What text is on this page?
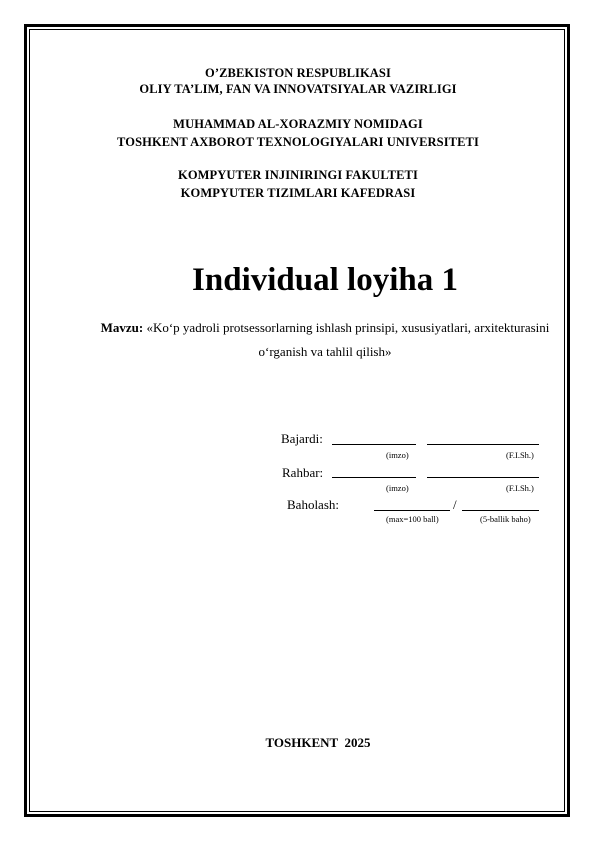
O’ZBEKISTON RESPUBLIKASI
OLIY TA’LIM, FAN VA INNOVATSIYALAR VAZIRLIGI
MUHAMMAD AL-XORAZMIY NOMIDAGI
TOSHKENT AXBOROT TEXNOLOGIYALARI UNIVERSITETI
KOMPYUTER INJINIRINGI FAKULTETI
KOMPYUTER TIZIMLARI KAFEDRASI
Individual loyiha 1
Mavzu: «Ko‘p yadroli protsessorlarning ishlash prinsipi, xususiyatlari, arxitekturasini o‘rganish va tahlil qilish»
Bajardi:
(imzo)	(F.I.Sh.)
Rahbar:
(imzo)	(F.I.Sh.)
Baholash:	/
(max=100 ball)	(5-ballik baho)
TOSHKENT  2025
